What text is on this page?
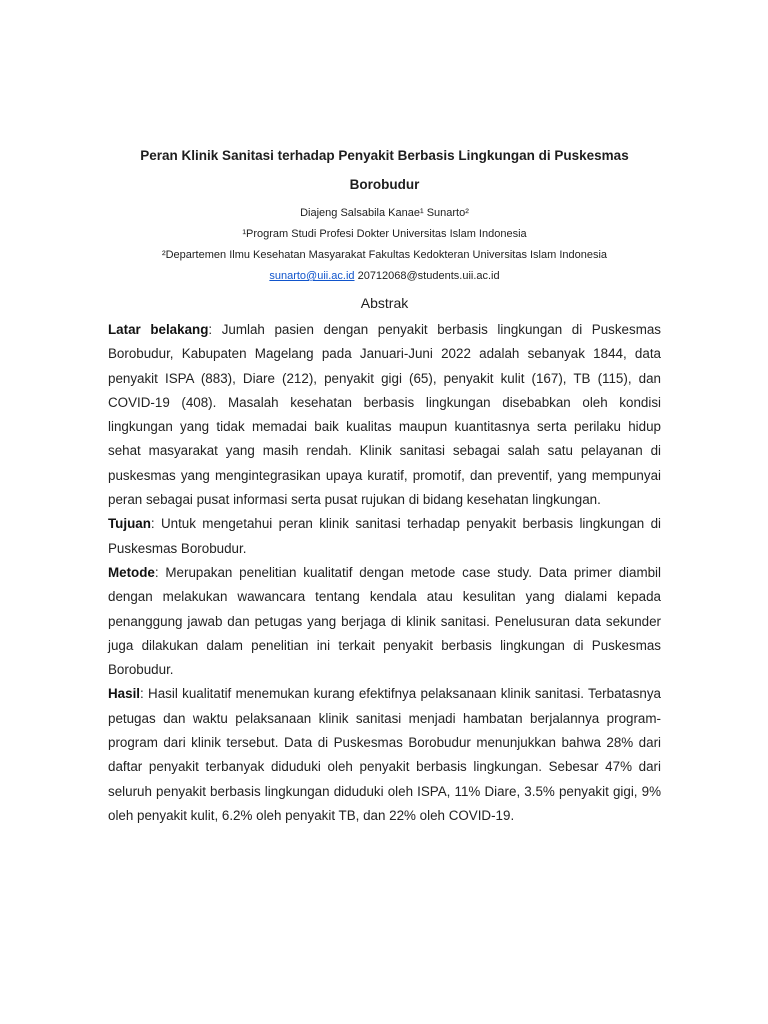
Peran Klinik Sanitasi terhadap Penyakit Berbasis Lingkungan di Puskesmas
Borobudur
Diajeng Salsabila Kanae¹ Sunarto²
¹Program Studi Profesi Dokter Universitas Islam Indonesia
²Departemen Ilmu Kesehatan Masyarakat Fakultas Kedokteran Universitas Islam Indonesia
sunarto@uii.ac.id 20712068@students.uii.ac.id
Abstrak

Latar belakang: Jumlah pasien dengan penyakit berbasis lingkungan di Puskesmas Borobudur, Kabupaten Magelang pada Januari-Juni 2022 adalah sebanyak 1844, data penyakit ISPA (883), Diare (212), penyakit gigi (65), penyakit kulit (167), TB (115), dan COVID-19 (408). Masalah kesehatan berbasis lingkungan disebabkan oleh kondisi lingkungan yang tidak memadai baik kualitas maupun kuantitasnya serta perilaku hidup sehat masyarakat yang masih rendah. Klinik sanitasi sebagai salah satu pelayanan di puskesmas yang mengintegrasikan upaya kuratif, promotif, dan preventif, yang mempunyai peran sebagai pusat informasi serta pusat rujukan di bidang kesehatan lingkungan.

Tujuan: Untuk mengetahui peran klinik sanitasi terhadap penyakit berbasis lingkungan di Puskesmas Borobudur.

Metode: Merupakan penelitian kualitatif dengan metode case study. Data primer diambil dengan melakukan wawancara tentang kendala atau kesulitan yang dialami kepada penanggung jawab dan petugas yang berjaga di klinik sanitasi. Penelusuran data sekunder juga dilakukan dalam penelitian ini terkait penyakit berbasis lingkungan di Puskesmas Borobudur.

Hasil: Hasil kualitatif menemukan kurang efektifnya pelaksanaan klinik sanitasi. Terbatasnya petugas dan waktu pelaksanaan klinik sanitasi menjadi hambatan berjalannya program-program dari klinik tersebut. Data di Puskesmas Borobudur menunjukkan bahwa 28% dari daftar penyakit terbanyak diduduki oleh penyakit berbasis lingkungan. Sebesar 47% dari seluruh penyakit berbasis lingkungan diduduki oleh ISPA, 11% Diare, 3.5% penyakit gigi, 9% oleh penyakit kulit, 6.2% oleh penyakit TB, dan 22% oleh COVID-19.
